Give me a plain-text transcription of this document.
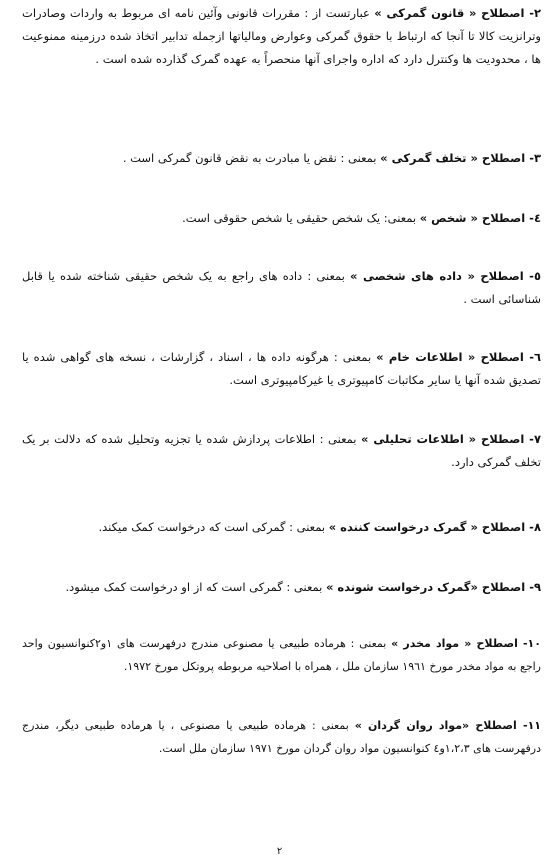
۲- اصطلاح « قانون گمرکی » عبارتست از : مقررات قانونی وآئین نامه ای مربوط به واردات وصادرات وترانزیت کالا تا آنجا که ارتباط با حقوق گمرکی وعوارض ومالیاتها ازجمله تدابیر اتخاذ شده درزمینه ممنوعیت ها ، محدودیت ها وکنترل دارد که اداره واجرای آنها منحصراً به عهده گمرک گذارده شده است .

۳- اصطلاح « تخلف گمرکی » بمعنی : نقض یا مبادرت به نقض قانون گمرکی است .

٤- اصطلاح « شخص » بمعنی: یک شخص حقیقی یا شخص حقوقی است.

٥- اصطلاح « داده های شخصی » بمعنی : داده های راجع به یک شخص حقیقی شناخته شده یا قابل شناسائی است .

٦- اصطلاح « اطلاعات خام » بمعنی : هرگونه داده ها ، اسناد ، گزارشات ، نسخه های گواهی شده یا تصدیق شده آنها یا سایر مکاتبات کامپیوتری یا غیرکامپیوتری است.

۷- اصطلاح « اطلاعات تحلیلی » بمعنی : اطلاعات پردازش شده یا تجزیه وتحلیل شده که دلالت بر یک تخلف گمرکی دارد.

۸- اصطلاح « گمرک درخواست کننده » بمعنی : گمرکی است که درخواست کمک میکند.

۹- اصطلاح «گمرک درخواست شونده » بمعنی : گمرکی است که از او درخواست کمک میشود.

۱۰- اصطلاح « مواد مخدر » بمعنی : هرماده طبیعی یا مصنوعی مندرج درفهرست های ۱و۲کنوانسیون واحد راجع به مواد مخدر مورخ ۱۹٦۱ سازمان ملل ، همراه با اصلاحیه مربوطه پروتکل مورخ ۱۹۷۲.

۱۱- اصطلاح «مواد روان گردان » بمعنی : هرماده طبیعی یا مصنوعی ، یا هرماده طبیعی دیگر، مندرج درفهرست های ۱،۲،۳و٤ کنوانسیون مواد روان گردان مورخ ۱۹۷۱ سازمان ملل است.

۲
